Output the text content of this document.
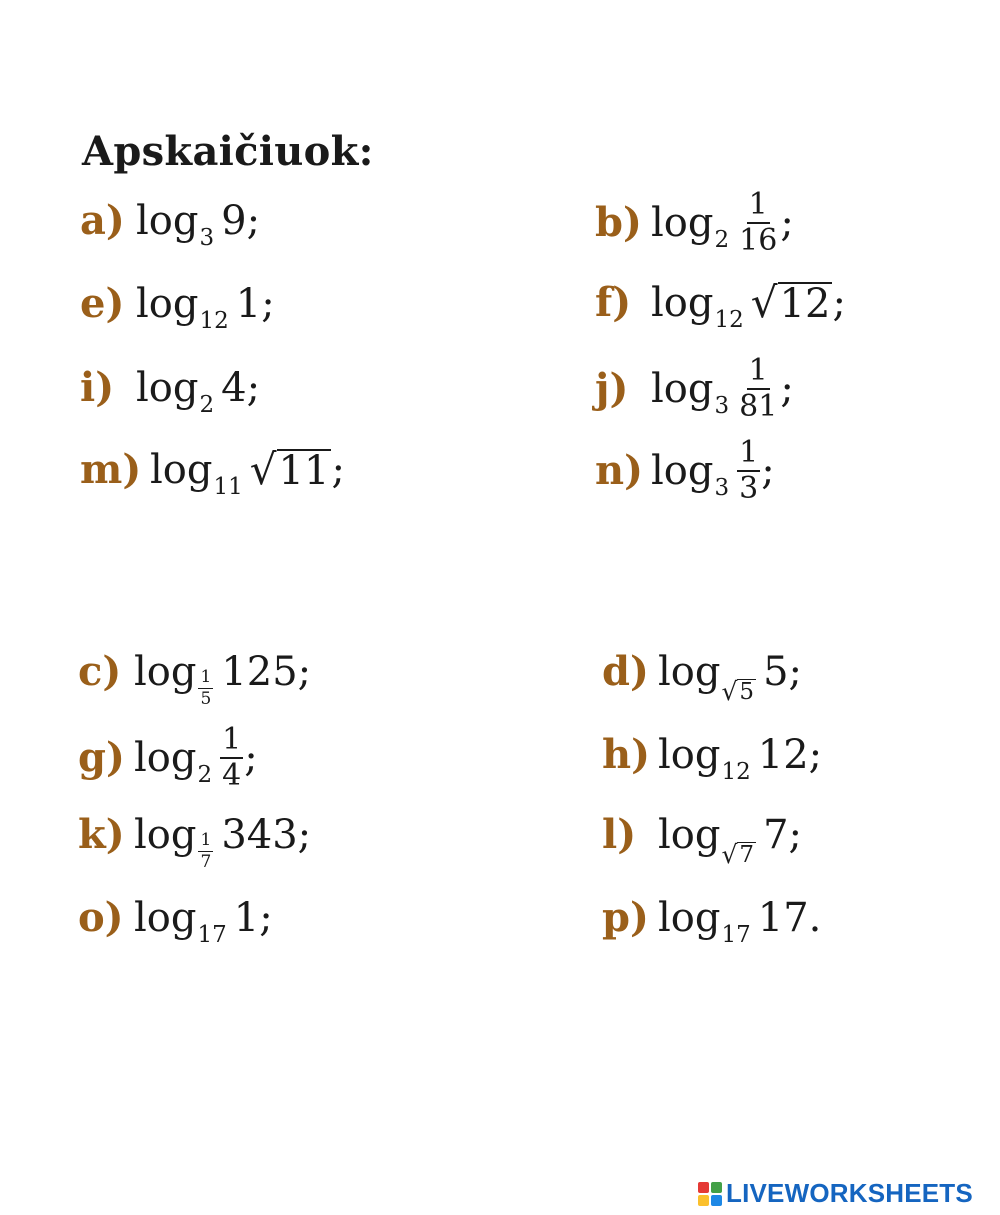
Apskaičiuok:
a) log 3 9 ;
e) log 12 1 ;
i) log 2 4 ;
m) log 11 √ 11 ;
b) $\log 2 \frac{1}{16}$ ;
f) log 12 √ 12 ;
j) $\log 3 \frac{1}{81}$ ;
n) $\log 3 \frac{1}{3}$ ;
c) $\log \frac{1}{5} 125$ ;
g) $\log 2 \frac{1}{4}$ ;
k) $\log \frac{1}{7} 343$ ;
o) log 17 1 ;
d) log √ 5 5 ;
h) log 12 12 ;
l) log √ 7 7 ;
p) log 17 17 .
LIVEWORKSHEETS
